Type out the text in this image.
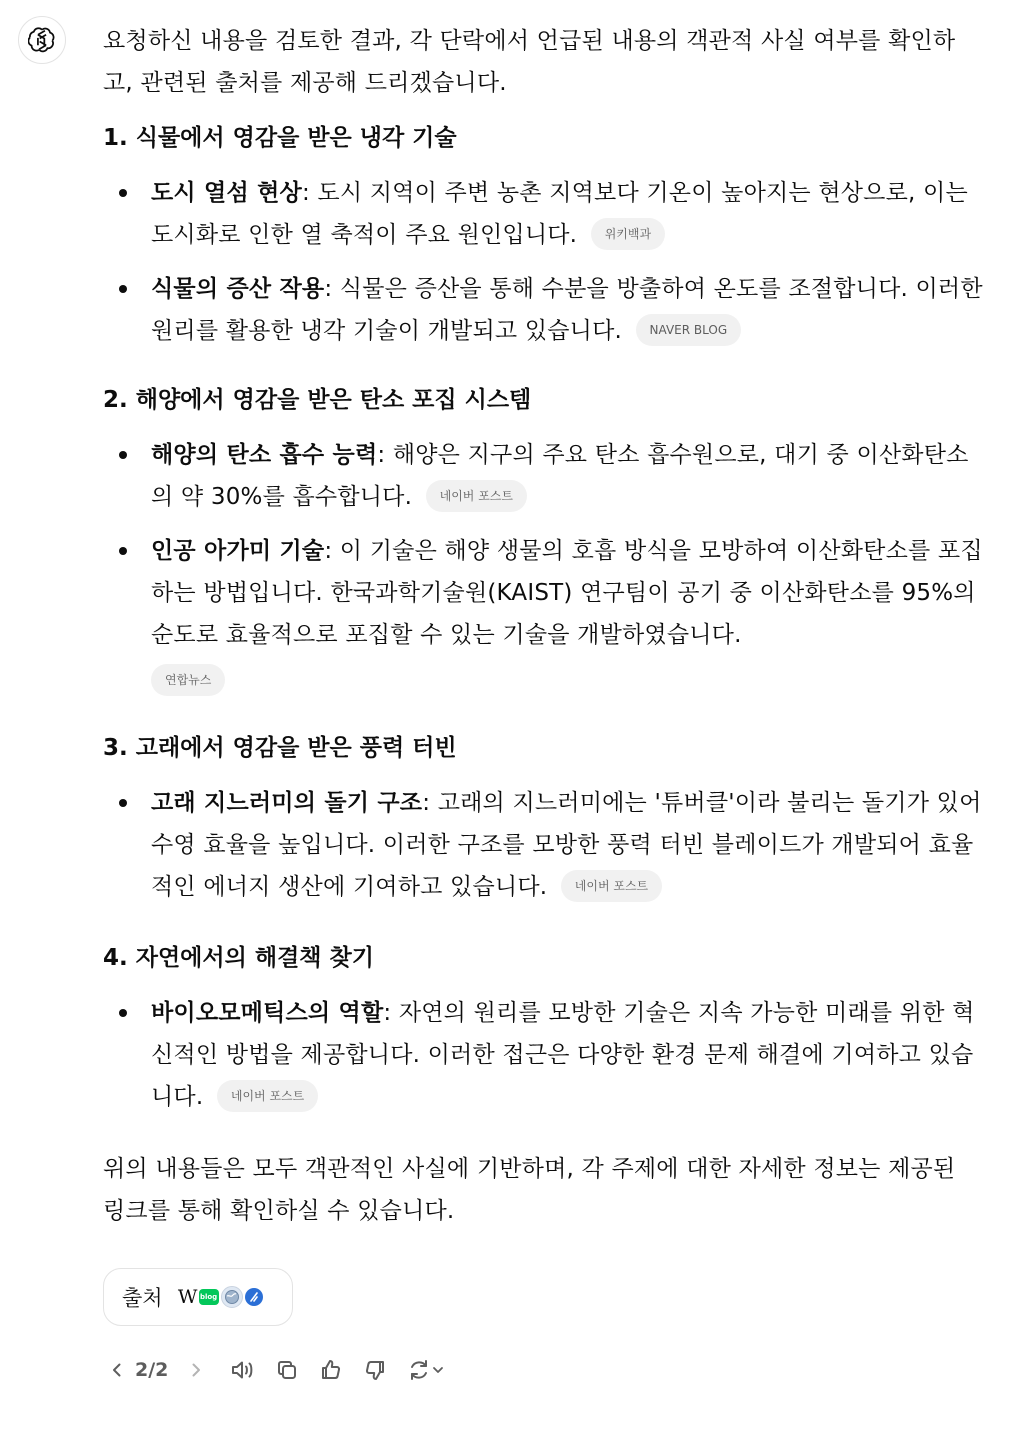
요청하신 내용을 검토한 결과, 각 단락에서 언급된 내용의 객관적 사실 여부를 확인하고, 관련된 출처를 제공해 드리겠습니다.

1. 식물에서 영감을 받은 냉각 기술
도시 열섬 현상: 도시 지역이 주변 농촌 지역보다 기온이 높아지는 현상으로, 이는 도시화로 인한 열 축적이 주요 원인입니다. 위키백과
식물의 증산 작용: 식물은 증산을 통해 수분을 방출하여 온도를 조절합니다. 이러한 원리를 활용한 냉각 기술이 개발되고 있습니다. NAVER BLOG
2. 해양에서 영감을 받은 탄소 포집 시스템
해양의 탄소 흡수 능력: 해양은 지구의 주요 탄소 흡수원으로, 대기 중 이산화탄소의 약 30%를 흡수합니다. 네이버 포스트
인공 아가미 기술: 이 기술은 해양 생물의 호흡 방식을 모방하여 이산화탄소를 포집하는 방법입니다. 한국과학기술원(KAIST) 연구팀이 공기 중 이산화탄소를 95%의 순도로 효율적으로 포집할 수 있는 기술을 개발하였습니다.
연합뉴스
3. 고래에서 영감을 받은 풍력 터빈
고래 지느러미의 돌기 구조: 고래의 지느러미에는 '튜버클'이라 불리는 돌기가 있어 수영 효율을 높입니다. 이러한 구조를 모방한 풍력 터빈 블레이드가 개발되어 효율적인 에너지 생산에 기여하고 있습니다. 네이버 포스트
4. 자연에서의 해결책 찾기
바이오모메틱스의 역할: 자연의 원리를 모방한 기술은 지속 가능한 미래를 위한 혁신적인 방법을 제공합니다. 이러한 접근은 다양한 환경 문제 해결에 기여하고 있습니다. 네이버 포스트

위의 내용들은 모두 객관적인 사실에 기반하며, 각 주제에 대한 자세한 정보는 제공된 링크를 통해 확인하실 수 있습니다.

출처 W blog
2/2
